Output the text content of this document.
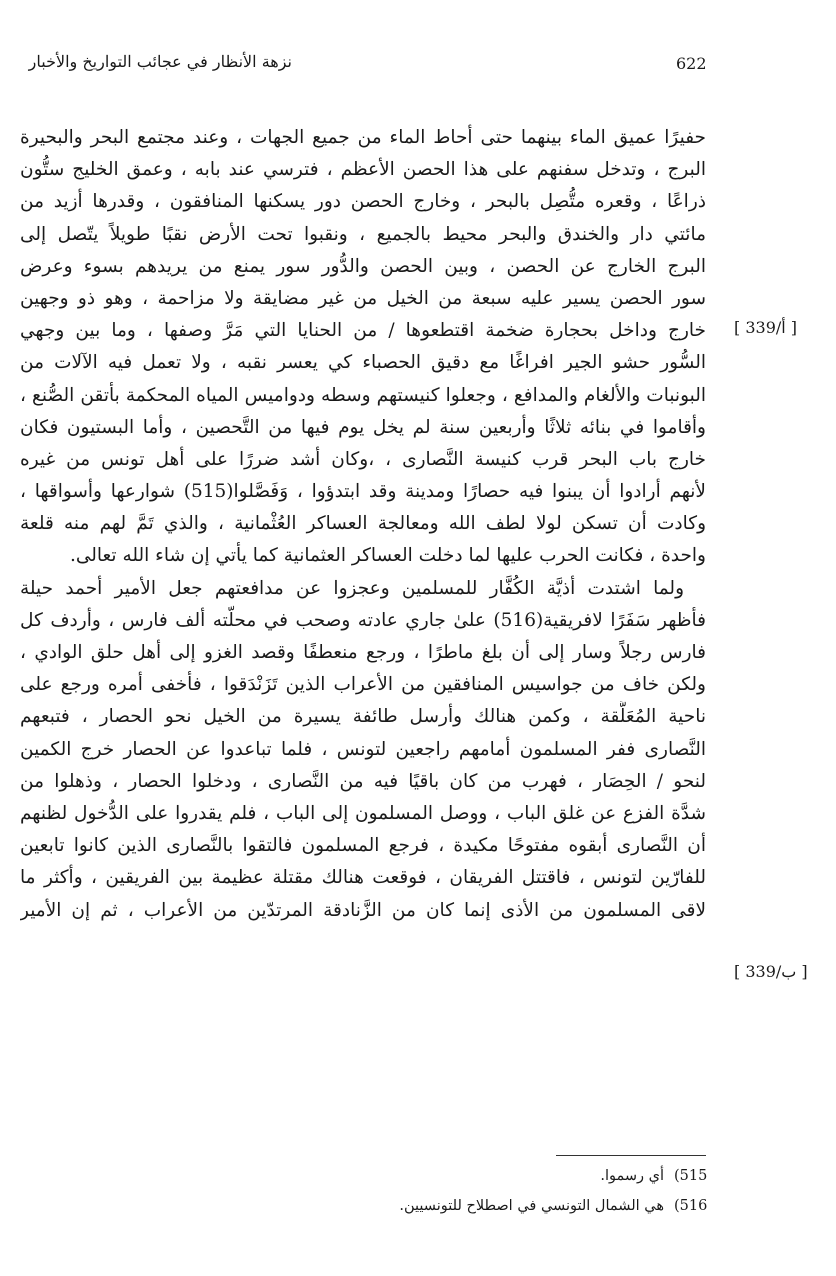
622
نزهة الأنظار في عجائب التواريخ والأخبار
[ أ/339 ]
[ ب/339 ]
حفيرًا عميق الماء بينهما حتى أحاط الماء من جميع الجهات ، وعند مجتمع البحر والبحيرة
البرج ، وتدخل سفنهم على هذا الحصن الأعظم ، فترسي عند بابه ، وعمق الخليج ستُّون
ذراعًا ، وقعره متُّصِل بالبحر ، وخارج الحصن دور يسكنها المنافقون ، وقدرها أزيد من
مائتي دار والخندق والبحر محيط بالجميع ، ونقبوا تحت الأرض نقبًا طويلاً يتّصل إلى
البرج الخارج عن الحصن ، وبين الحصن والدُّور سور يمنع من يريدهم بسوء وعرض
سور الحصن يسير عليه سبعة من الخيل من غير مضايقة ولا مزاحمة ، وهو ذو وجهين
خارج وداخل بحجارة ضخمة اقتطعوها / من الحنايا التي مَرَّ وصفها ، وما بين وجهي
السُّور حشو الجير افراغًا مع دقيق الحصباء كي يعسر نقبه ، ولا تعمل فيه الآلات من
البونبات والألغام والمدافع ، وجعلوا كنيستهم وسطه ودواميس المياه المحكمة بأتقن الصُّنع ،
وأقاموا في بنائه ثلاثًا وأربعين سنة لم يخل يوم فيها من التَّحصين ، وأما البستيون فكان
خارج باب البحر قرب كنيسة النَّصارى ، ،وكان أشد ضررًا على أهل تونس من غيره
لأنهم أرادوا أن يبنوا فيه حصارًا ومدينة وقد ابتدؤوا ، وَفَصَّلوا(515) شوارعها وأسواقها ،
وكادت أن تسكن لولا لطف الله ومعالجة العساكر العُثْمانية ، والذي تَمَّ لهم منه قلعة
واحدة ، فكانت الحرب عليها لما دخلت العساكر العثمانية كما يأتي إن شاء الله تعالى.
ولما اشتدت أذيَّة الكُفَّار للمسلمين وعجزوا عن مدافعتهم جعل الأمير أحمد حيلة
فأظهر سَفَرًا لافريقية(516) علىٰ جاري عادته وصحب في محلّته ألف فارس ، وأردف كل
فارس رجلاً وسار إلى أن بلغ ماطرًا ، ورجع منعطفًا وقصد الغزو إلى أهل حلق الوادي ،
ولكن خاف من جواسيس المنافقين من الأعراب الذين تَزَنْدَقوا ، فأخفى أمره ورجع على
ناحية المُعَلَّقة ، وكمن هنالك وأرسل طائفة يسيرة من الخيل نحو الحصار ، فتبعهم
النَّصارى ففر المسلمون أمامهم راجعين لتونس ، فلما تباعدوا عن الحصار خرج الكمين
لنحو / الحِصَار ، فهرب من كان باقيًا فيه من النَّصارى ، ودخلوا الحصار ، وذهلوا من
شدَّة الفزع عن غلق الباب ، ووصل المسلمون إلى الباب ، فلم يقدروا على الدُّخول لظنهم
أن النَّصارى أبقوه مفتوحًا مكيدة ، فرجع المسلمون فالتقوا بالنَّصارى الذين كانوا تابعين
للفارّين لتونس ، فاقتتل الفريقان ، فوقعت هنالك مقتلة عظيمة بين الفريقين ، وأكثر ما
لاقى المسلمون من الأذى إنما كان من الزَّنادقة المرتدّين من الأعراب ، ثم إن الأمير
(515أي رسموا.
(516هي الشمال التونسي في اصطلاح للتونسيين.
